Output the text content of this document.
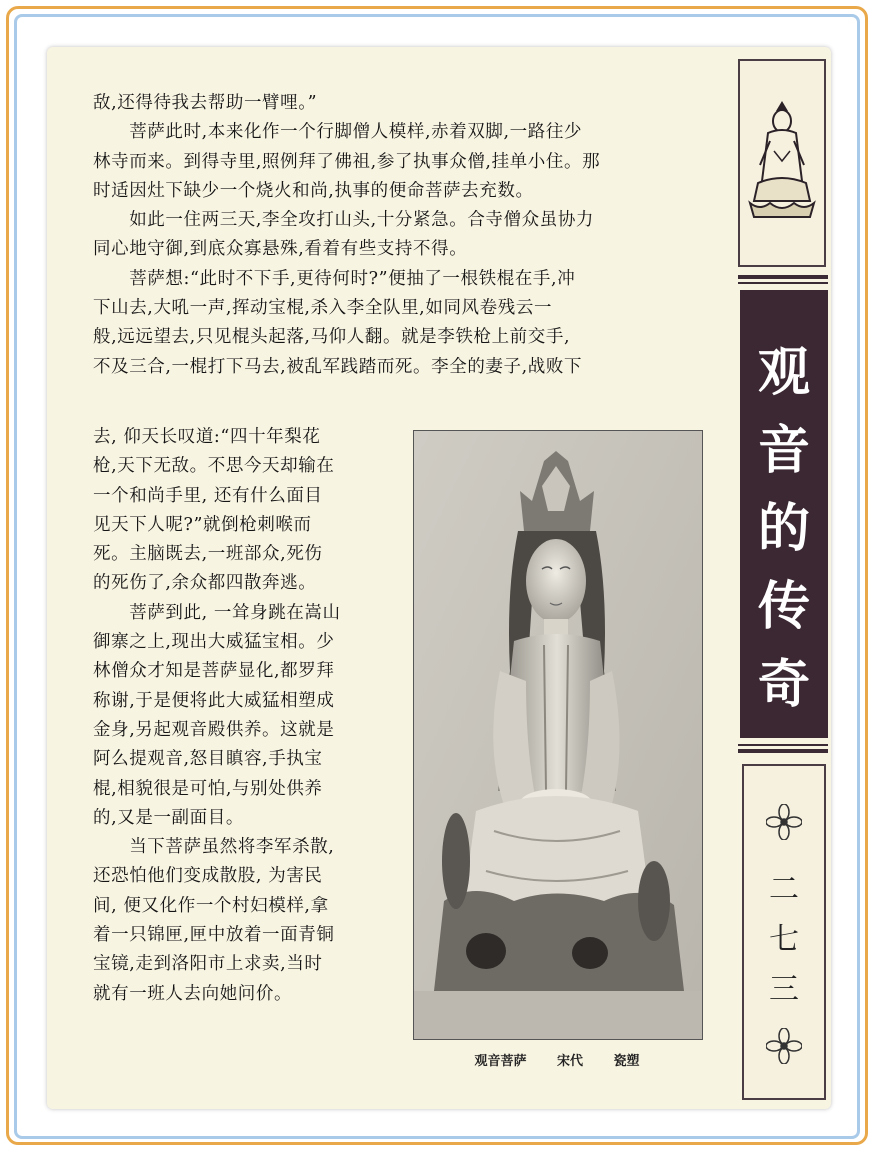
敌,还得待我去帮助一臂哩。”
　　菩萨此时,本来化作一个行脚僧人模样,赤着双脚,一路往少
林寺而来。到得寺里,照例拜了佛祖,参了执事众僧,挂单小住。那
时适因灶下缺少一个烧火和尚,执事的便命菩萨去充数。
　　如此一住两三天,李全攻打山头,十分紧急。合寺僧众虽协力
同心地守御,到底众寡悬殊,看着有些支持不得。
　　菩萨想:“此时不下手,更待何时?”便抽了一根铁棍在手,冲
下山去,大吼一声,挥动宝棍,杀入李全队里,如同风卷残云一
般,远远望去,只见棍头起落,马仰人翻。就是李铁枪上前交手,
不及三合,一棍打下马去,被乱军践踏而死。李全的妻子,战败下
去, 仰天长叹道:“四十年梨花
枪,天下无敌。不思今天却输在
一个和尚手里, 还有什么面目
见天下人呢?”就倒枪刺喉而
死。主脑既去,一班部众,死伤
的死伤了,余众都四散奔逃。
　　菩萨到此, 一耸身跳在嵩山
御寨之上,现出大威猛宝相。少
林僧众才知是菩萨显化,都罗拜
称谢,于是便将此大威猛相塑成
金身,另起观音殿供养。这就是
阿么提观音,怒目瞋容,手执宝
棍,相貌很是可怕,与别处供养
的,又是一副面目。
　　当下菩萨虽然将李军杀散,
还恐怕他们变成散股, 为害民
间, 便又化作一个村妇模样,拿
着一只锦匣,匣中放着一面青铜
宝镜,走到洛阳市上求卖,当时
就有一班人去向她问价。
观音菩萨 宋代 瓷塑
观
音
的
传
奇
二
七
三
